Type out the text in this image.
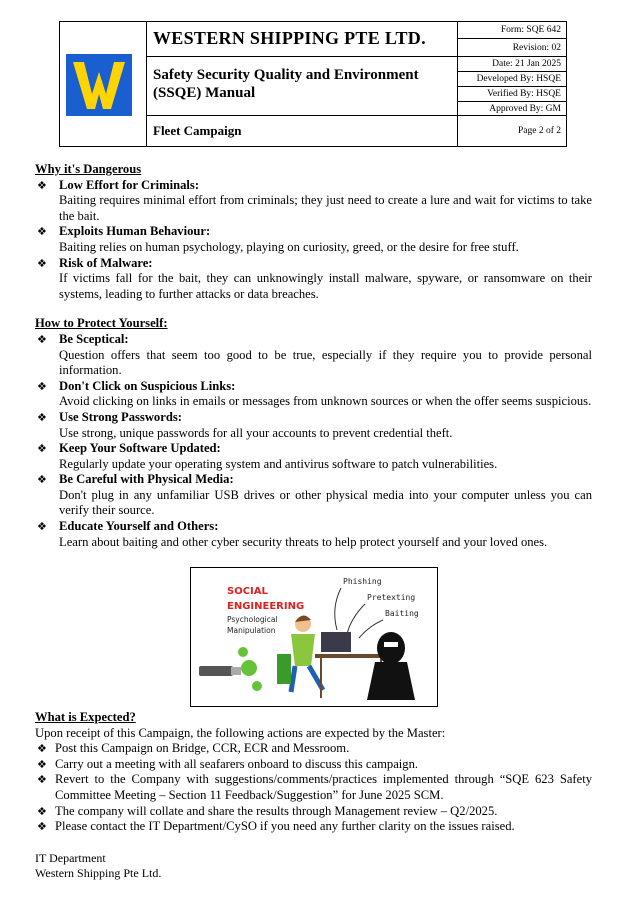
WESTERN SHIPPING PTE LTD.
Safety Security Quality and Environment (SSQE) Manual
Fleet Campaign
Form: SQE 642
Revision: 02
Date: 21 Jan 2025
Developed By: HSQE
Verified By: HSQE
Approved By: GM
Page 2 of 2
Why it's Dangerous
❖ Low Effort for Criminals:
Baiting requires minimal effort from criminals; they just need to create a lure and wait for victims to take the bait.
❖ Exploits Human Behaviour:
Baiting relies on human psychology, playing on curiosity, greed, or the desire for free stuff.
❖ Risk of Malware:
If victims fall for the bait, they can unknowingly install malware, spyware, or ransomware on their systems, leading to further attacks or data breaches.
How to Protect Yourself:
❖ Be Sceptical:
Question offers that seem too good to be true, especially if they require you to provide personal information.
❖ Don't Click on Suspicious Links:
Avoid clicking on links in emails or messages from unknown sources or when the offer seems suspicious.
❖ Use Strong Passwords:
Use strong, unique passwords for all your accounts to prevent credential theft.
❖ Keep Your Software Updated:
Regularly update your operating system and antivirus software to patch vulnerabilities.
❖ Be Careful with Physical Media:
Don't plug in any unfamiliar USB drives or other physical media into your computer unless you can verify their source.
❖ Educate Yourself and Others:
Learn about baiting and other cyber security threats to help protect yourself and your loved ones.
SOCIAL
ENGINEERING
Psychological
Manipulation
Phishing
Pretexting
Baiting
What is Expected?
Upon receipt of this Campaign, the following actions are expected by the Master:
❖ Post this Campaign on Bridge, CCR, ECR and Messroom.
❖ Carry out a meeting with all seafarers onboard to discuss this campaign.
❖ Revert to the Company with suggestions/comments/practices implemented through “SQE 623 Safety Committee Meeting – Section 11 Feedback/Suggestion” for June 2025 SCM.
❖ The company will collate and share the results through Management review – Q2/2025.
❖ Please contact the IT Department/CySO if you need any further clarity on the issues raised.
IT Department
Western Shipping Pte Ltd.
